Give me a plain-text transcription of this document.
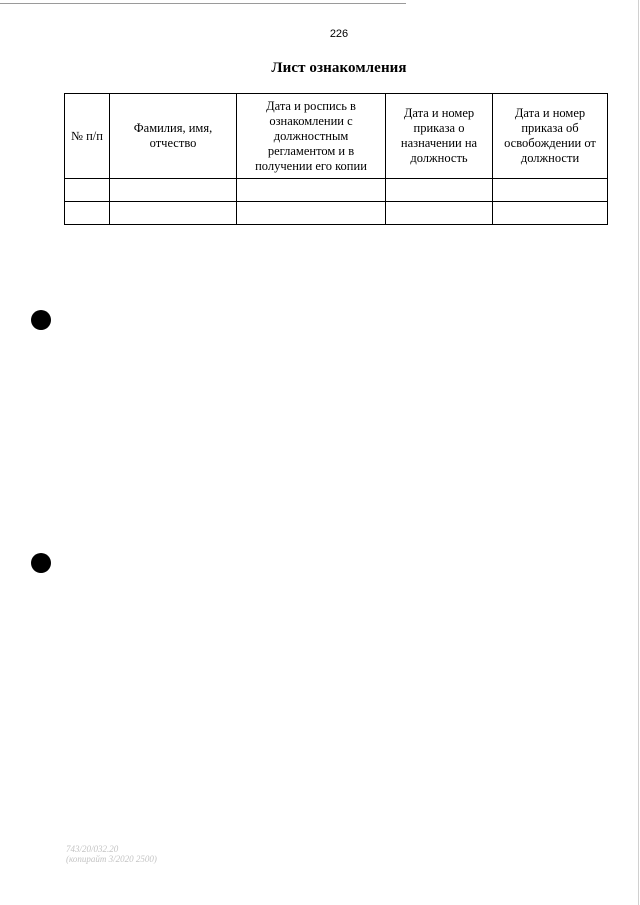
226
Лист ознакомления
№ п/п	Фамилия, имя, отчество	Дата и роспись в ознакомлении с должностным регламентом и в получении его копии	Дата и номер приказа о назначении на должность	Дата и номер приказа об освобождении от должности

743/20/032.20
(копирайт 3/2020 2500)
